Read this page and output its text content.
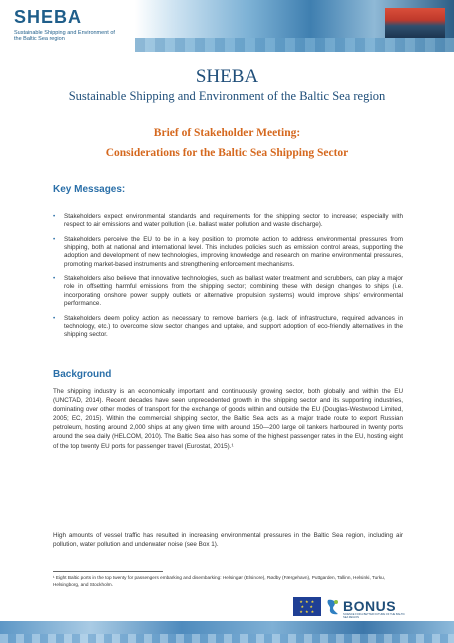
SHEBA
Sustainable Shipping and Environment of the Baltic Sea region
SHEBA
Sustainable Shipping and Environment of the Baltic Sea region
Brief of Stakeholder Meeting:
Considerations for the Baltic Sea Shipping Sector
Key Messages:
• Stakeholders expect environmental standards and requirements for the shipping sector to increase; especially with respect to air emissions and water pollution (i.e. ballast water pollution and waste discharge).
• Stakeholders perceive the EU to be in a key position to promote action to address environmental pressures from shipping, both at national and international level. This includes policies such as emission control areas, supporting the adoption and development of new technologies, improving knowledge and research on marine environmental pressures, promoting market-based instruments and strengthening enforcement mechanisms.
• Stakeholders also believe that innovative technologies, such as ballast water treatment and scrubbers, can play a major role in offsetting harmful emissions from the shipping sector; combining these with design changes to ships (i.e. incorporating onshore power supply outlets or alternative propulsion systems) would improve ships' environmental performance.
• Stakeholders deem policy action as necessary to remove barriers (e.g. lack of infrastructure, required advances in technology, etc.) to overcome slow sector changes and uptake, and support adoption of eco-friendly alternatives in the shipping sector.
Background

The shipping industry is an economically important and continuously growing sector, both globally and within the EU (UNCTAD, 2014). Recent decades have seen unprecedented growth in the shipping sector and its supporting industries, dominating over other modes of transport for the exchange of goods within and outside the EU (Douglas-Westwood Limited, 2005; EC, 2015). Within the commercial shipping sector, the Baltic Sea acts as a major trade route to export Russian petroleum, hosting around 2,000 ships at any given time with around 150—200 large oil tankers harboured in twenty ports around the sea daily (HELCOM, 2010). The Baltic Sea also has some of the highest passenger rates in the EU, hosting eight of the top twenty EU ports for passenger travel (Eurostat, 2015).¹

High amounts of vessel traffic has resulted in increasing environmental pressures in the Baltic Sea region, including air pollution, water pollution and underwater noise (see Box 1).

¹ Eight Baltic ports in the top twenty for passengers embarking and disembarking: Helsingør (Elsinore), Rødby (Færgehavn), Puttgarden, Tallinn, Helsinki, Turku, Helsingborg, and Stockholm.

★ ★ ★
★   ★
★ ★ ★ BONUS
SCIENCE FOR A BETTER FUTURE OF THE BALTIC SEA REGION
